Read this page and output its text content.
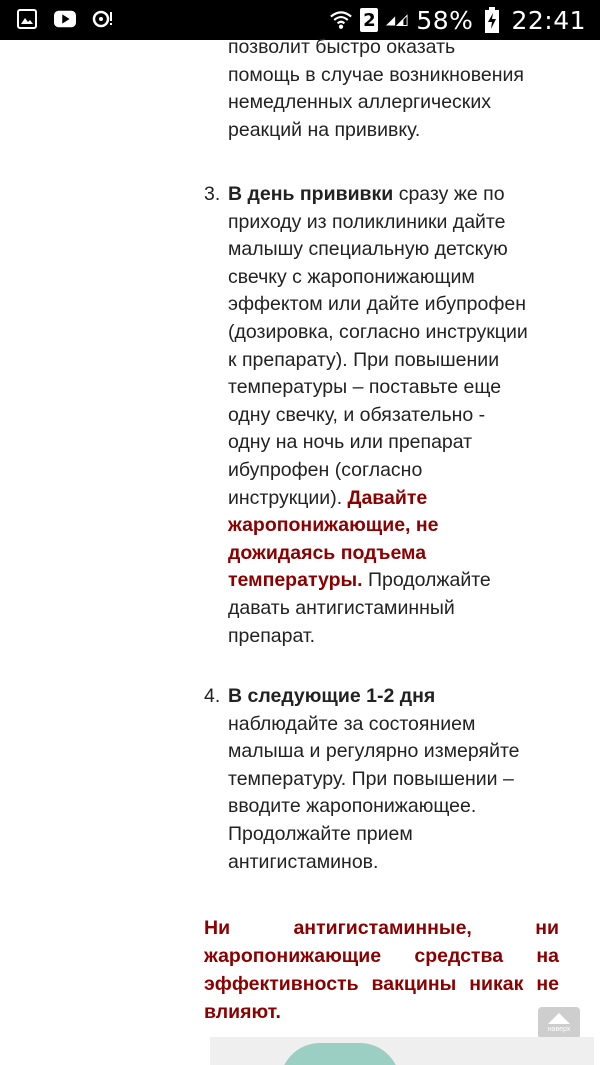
2 58% 22:41
позволит быстро оказать
помощь в случае возникновения
немедленных аллергических
реакций на прививку.
3. В день прививки сразу же по
приходу из поликлиники дайте
малышу специальную детскую
свечку с жаропонижающим
эффектом или дайте ибупрофен
(дозировка, согласно инструкции
к препарату). При повышении
температуры – поставьте еще
одну свечку, и обязательно -
одну на ночь или препарат
ибупрофен (согласно
инструкции). Давайте
жаропонижающие, не
дожидаясь подъема
температуры. Продолжайте
давать антигистаминный
препарат.
4. В следующие 1-2 дня
наблюдайте за состоянием
малыша и регулярно измеряйте
температуру. При повышении –
вводите жаропонижающее.
Продолжайте прием
антигистаминов.
Ни антигистаминные, ни жаропонижающие средства на эффективность вакцины никак не влияют.
наверх
